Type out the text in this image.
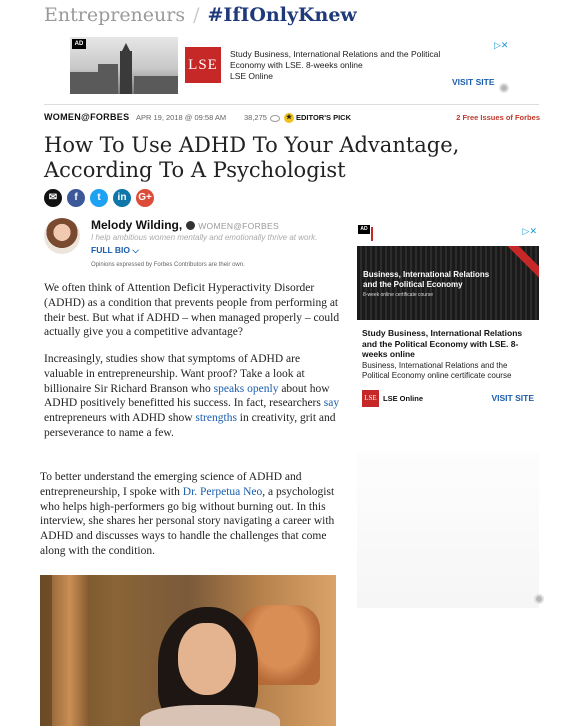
Entrepreneurs / #IfIOnlyKnew
AD
LSE
Study Business, International Relations and the Political Economy with LSE. 8-weeks online
LSE Online
VISIT SITE
▷✕
WOMEN@FORBES APR 19, 2018 @ 09:58 AM 38,275	★ EDITOR'S PICK	2 Free Issues of Forbes
How To Use ADHD To Your Advantage, According To A Psychologist
✉	f	t	in	G+
Melody Wilding, WOMEN@FORBES
I help ambitious women mentally and emotionally thrive at work.
FULL BIO ⌵
Opinions expressed by Forbes Contributors are their own.

We often think of Attention Deficit Hyperactivity Disorder (ADHD) as a condition that prevents people from performing at their best. But what if ADHD – when managed properly – could actually give you a competitive advantage?

Increasingly, studies show that symptoms of ADHD are valuable in entrepreneurship. Want proof? Take a look at billionaire Sir Richard Branson who speaks openly about how ADHD positively benefitted his success. In fact, researchers say entrepreneurs with ADHD show strengths in creativity, grit and perseverance to name a few.

To better understand the emerging science of ADHD and entrepreneurship, I spoke with Dr. Perpetua Neo, a psychologist who helps high-performers go big without burning out. In this interview, she shares her personal story navigating a career with ADHD and discusses ways to handle the challenges that come along with the condition.

AD	▷✕
Business, International Relations and the Political Economy
8-week online certificate course
Study Business, International Relations and the Political Economy with LSE. 8-weeks online
Business, International Relations and the Political Economy online certificate course
LSE LSE Online	VISIT SITE
